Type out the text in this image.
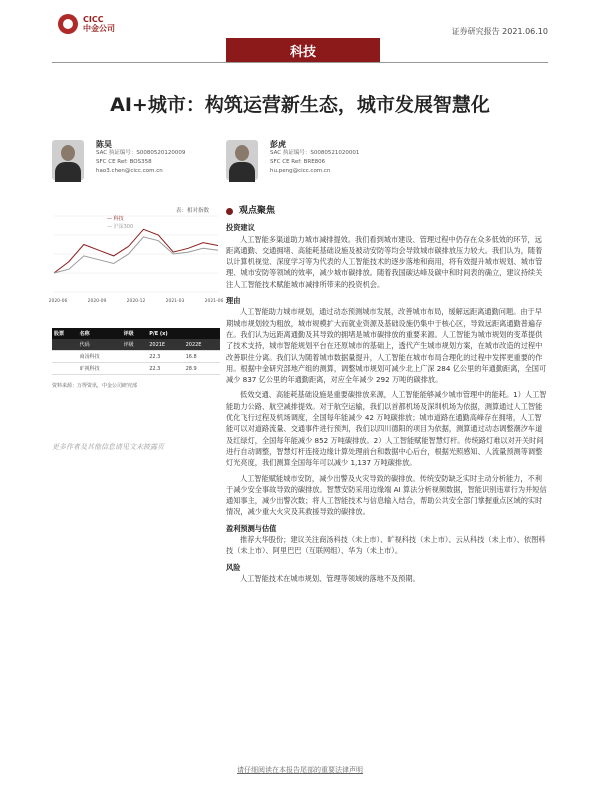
CICC
中金公司
科技
证券研究报告 2021.06.10
AI+城市：构筑运营新生态，城市发展智慧化
陈昊
SAC 执证编号：S0080520120009
SFC CE Ref: BOS358
hao3.chen@cicc.com.cn
彭虎
SAC 执证编号：S0080521020001
SFC CE Ref: BRE806
hu.peng@cicc.com.cn
表：相对指数
— 科技
— 沪深300
2020-06	2020-09	2020-12	2021-03	2021-06
股票	名称	评级	P/E (x)	
	代码	评级	2021E	2022E
	商汤科技		22.3	16.8
	旷视科技		22.3	28.9
资料来源：万得资讯，中金公司研究部
更多作者及其他信息请见文末披露页
观点聚焦
投资建议

人工智能多渠道助力城市减排提效。我们看到城市建设、管理过程中仍存在众多低效的环节，远距离通勤、交通拥堵、高能耗基础设施及被动安防等均会导致城市碳排放压力较大。我们认为，随着以计算机视觉、深度学习等为代表的人工智能技术的逐步落地和商用，将有效提升城市规划、城市管理、城市安防等领域的效率，减少城市碳排放。随着我国碳达峰及碳中和时间表的确立，建议持续关注人工智能技术赋能城市减排所带来的投资机会。

理由

人工智能助力城市规划，通过动态预测城市发展，改善城市布局，缓解远距离通勤问题。由于早期城市规划较为粗放，城市规模扩大而就业资源及基础设施仍集中于核心区，导致远距离通勤普遍存在。我们认为远距离通勤及其导致的拥堵是城市碳排放的重要来源。人工智能为城市规划的变革提供了技术支持，城市智能规划平台在还原城市的基础上，透代产生城市规划方案，在城市改造的过程中改善职住分离。我们认为随着城市数据量提升，人工智能在城市布局合理化的过程中发挥更重要的作用。根据中金研究部地产组的测算，调整城市规划可减少北上广深 284 亿公里的年通勤距离，全国可减少 837 亿公里的年通勤距离，对应全年减少 292 万吨的碳排放。

低效交通、高能耗基础设施是重要碳排放来源，人工智能能够减少城市管理中的能耗。1）人工智能助力公路、航空减排提效。对于航空运输，我们以首都机场及深圳机场为依据，测算通过人工智能优化飞行过程及机场调度，全国每年能减少 42 万吨碳排放；城市道路在通勤高峰存在拥堵，人工智能可以对道路流量、交通事件进行预判，我们以四川德阳的项目为依据，测算通过动态调整潮汐车道及红绿灯，全国每年能减少 852 万吨碳排放。2）人工智能赋能智慧灯杆。传统路灯难以对开关时间进行自动调整，智慧灯杆连接边缘计算处理前台和数据中心后台，根据光照感知、人流量预测等调整灯光亮度，我们测算全国每年可以减少 1,137 万吨碳排放。

人工智能赋能城市安防，减少出警及火灾导致的碳排放。传统安防缺乏实时主动分析能力，不利于减少安全事故导致的碳排放。智慧安防采用边缘端 AI 算法分析视频数据，智能识别违章行为并短信通知事主，减少出警次数；将人工智能技术与信息输入结合，帮助公共安全部门掌握重点区域的实时情况，减少重大火灾及其救援导致的碳排放。

盈利预测与估值

推荐大华股份；建议关注商汤科技（未上市）、旷视科技（未上市）、云从科技（未上市）、依图科技（未上市）、阿里巴巴（互联网组）、华为（未上市）。

风险

人工智能技术在城市规划、管理等领域的落地不及预期。

请仔细阅读在本报告尾部的重要法律声明
